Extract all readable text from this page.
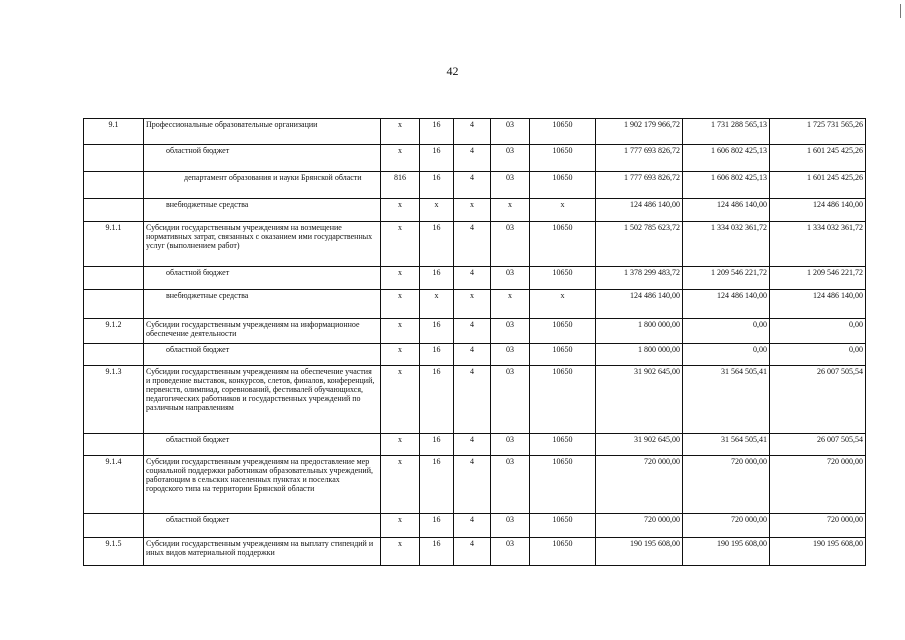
42
9.1	Профессиональные образовательные организации	x	16	4	03	10650	1 902 179 966,72	1 731 288 565,13	1 725 731 565,26
	областной бюджет	x	16	4	03	10650	1 777 693 826,72	1 606 802 425,13	1 601 245 425,26
	департамент образования и науки Брянской области	816	16	4	03	10650	1 777 693 826,72	1 606 802 425,13	1 601 245 425,26
	внебюджетные средства	x	x	x	x	x	124 486 140,00	124 486 140,00	124 486 140,00
9.1.1	Субсидии государственным учреждениям на возмещение нормативных затрат, связанных с оказанием ими государственных услуг (выполнением работ)	x	16	4	03	10650	1 502 785 623,72	1 334 032 361,72	1 334 032 361,72
	областной бюджет	x	16	4	03	10650	1 378 299 483,72	1 209 546 221,72	1 209 546 221,72
	внебюджетные средства	x	x	x	x	x	124 486 140,00	124 486 140,00	124 486 140,00
9.1.2	Субсидии государственным учреждениям на информационное обеспечение деятельности	x	16	4	03	10650	1 800 000,00	0,00	0,00
	областной бюджет	x	16	4	03	10650	1 800 000,00	0,00	0,00
9.1.3	Субсидии государственным учреждениям на обеспечение участия и проведение выставок, конкурсов, слетов, финалов, конференций, первенств, олимпиад, соревнований, фестивалей обучающихся, педагогических работников и государственных учреждений по различным направлениям	x	16	4	03	10650	31 902 645,00	31 564 505,41	26 007 505,54
	областной бюджет	x	16	4	03	10650	31 902 645,00	31 564 505,41	26 007 505,54
9.1.4	Субсидии государственным учреждениям на предоставление мер социальной поддержки работникам образовательных учреждений, работающим в сельских населенных пунктах и поселках городского типа на территории Брянской области	x	16	4	03	10650	720 000,00	720 000,00	720 000,00
	областной бюджет	x	16	4	03	10650	720 000,00	720 000,00	720 000,00
9.1.5	Субсидии государственным учреждениям на выплату стипендий и иных видов материальной поддержки	x	16	4	03	10650	190 195 608,00	190 195 608,00	190 195 608,00
